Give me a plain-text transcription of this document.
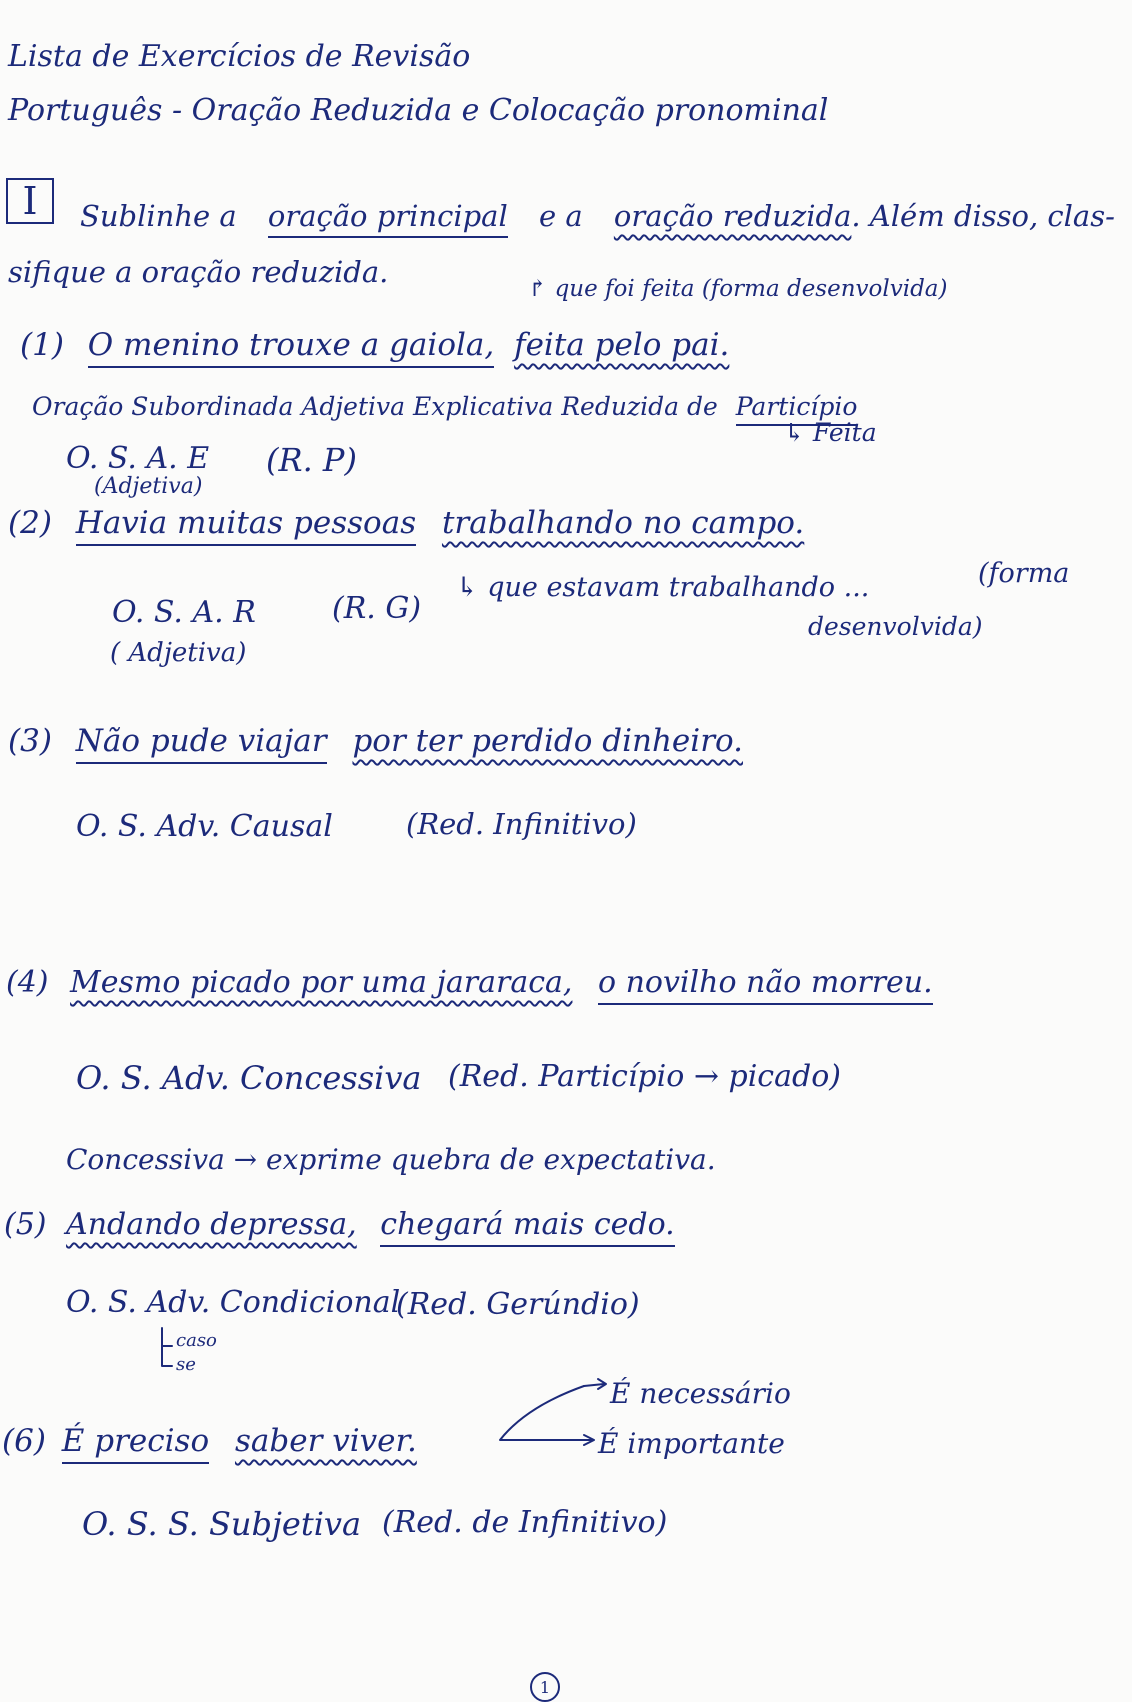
Lista de Exercícios de Revisão
Português - Oração Reduzida e Colocação pronominal
I	Sublinhe a oração principal e a oração reduzida. Além disso, clas-
sifique a oração reduzida.	↱ que foi feita (forma desenvolvida)
(1) O menino trouxe a gaiola, feita pelo pai.
Oração Subordinada Adjetiva Explicativa Reduzida de Particípio
↳ Feita
O. S. A. E (R. P)
(Adjetiva)
(2) Havia muitas pessoas trabalhando no campo.
O. S. A. R	(R. G)
↳ que estavam trabalhando ...	(forma
desenvolvida)
( Adjetiva)
(3) Não pude viajar por ter perdido dinheiro.
O. S. Adv. Causal	(Red. Infinitivo)
(4) Mesmo picado por uma jararaca, o novilho não morreu.
O. S. Adv. Concessiva (Red. Particípio → picado)
Concessiva → exprime quebra de expectativa.
(5) Andando depressa, chegará mais cedo.
O. S. Adv. Condicional
(Red. Gerúndio)
caso
se
É necessário
É importante
(6) É preciso saber viver.
O. S. S. Subjetiva (Red. de Infinitivo)
1
